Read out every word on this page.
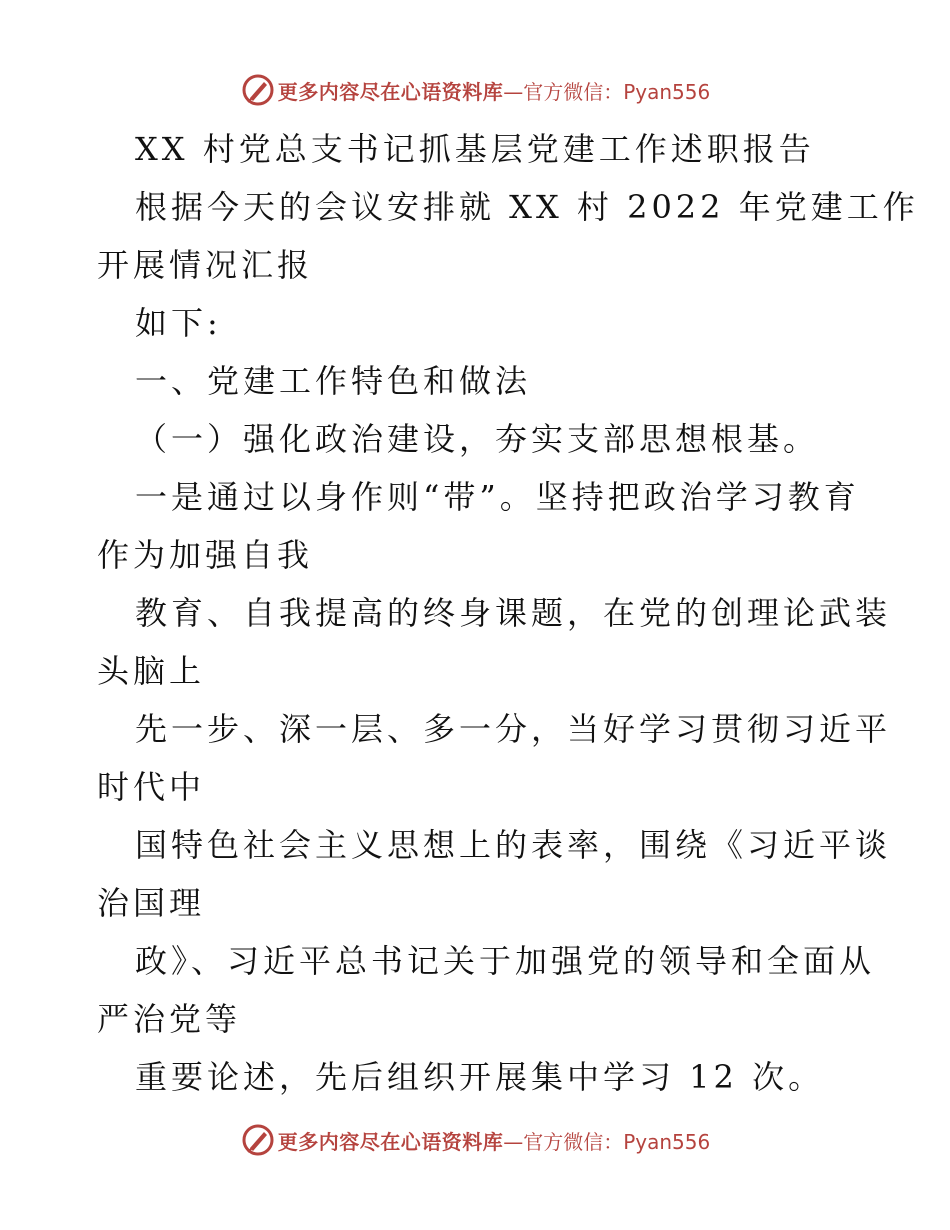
更多内容尽在心语资料库 —官方微信：Pyan556
XX 村党总支书记抓基层党建工作述职报告
根据今天的会议安排就 XX 村 2022 年党建工作
开展情况汇报
如下:
一、党建工作特色和做法
（一）强化政治建设，夯实支部思想根基。
一是通过以身作则“带”。坚持把政治学习教育
作为加强自我
教育、自我提高的终身课题，在党的创理论武装
头脑上
先一步、深一层、多一分，当好学习贯彻习近平
时代中
国特色社会主义思想上的表率，围绕《习近平谈
治国理
政》、习近平总书记关于加强党的领导和全面从
严治党等
重要论述，先后组织开展集中学习 12 次。
更多内容尽在心语资料库 —官方微信：Pyan556
